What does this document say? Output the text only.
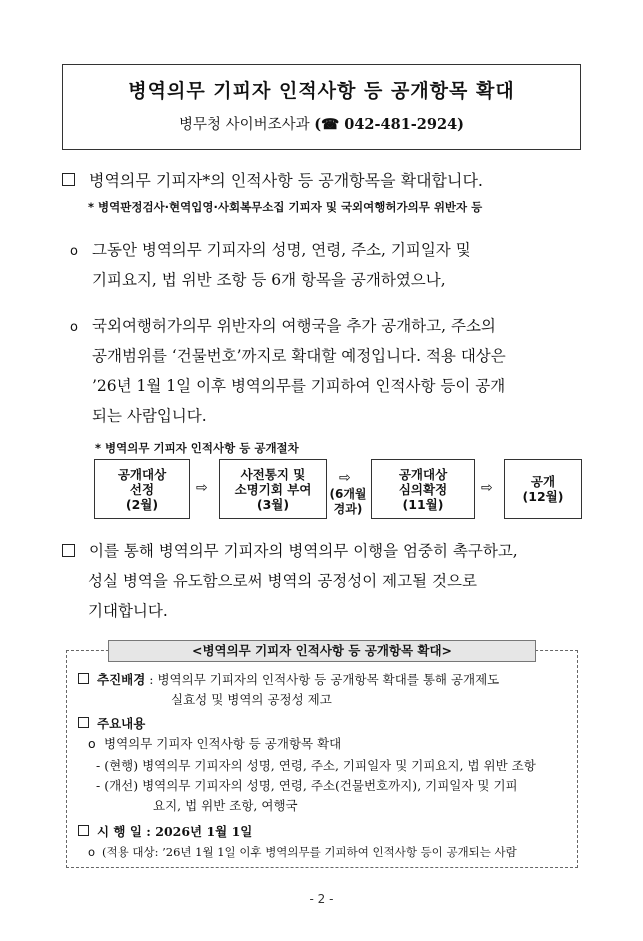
병역의무 기피자 인적사항 등 공개항목 확대
병무청 사이버조사과 (☎ 042-481-2924)
병역의무 기피자*의 인적사항 등 공개항목을 확대합니다.
* 병역판정검사·현역입영·사회복무소집 기피자 및 국외여행허가의무 위반자 등
o 그동안 병역의무 기피자의 성명, 연령, 주소, 기피일자 및
기피요지, 법 위반 조항 등 6개 항목을 공개하였으나,
o 국외여행허가의무 위반자의 여행국을 추가 공개하고, 주소의
공개범위를 ‘건물번호’까지로 확대할 예정입니다. 적용 대상은
’26년 1월 1일 이후 병역의무를 기피하여 인적사항 등이 공개
되는 사람입니다.
* 병역의무 기피자 인적사항 등 공개절차
공개대상
선정
(2월)
⇨
사전통지 및
소명기회 부여
(3월)
⇨
(6개월
경과)
공개대상
심의확정
(11월)
⇨	공개
(12월)
이를 통해 병역의무 기피자의 병역의무 이행을 엄중히 촉구하고,
성실 병역을 유도함으로써 병역의 공정성이 제고될 것으로
기대합니다.
<병역의무 기피자 인적사항 등 공개항목 확대>
추진배경 : 병역의무 기피자의 인적사항 등 공개항목 확대를 통해 공개제도
실효성 및 병역의 공정성 제고
주요내용
o 병역의무 기피자 인적사항 등 공개항목 확대
- (현행) 병역의무 기피자의 성명, 연령, 주소, 기피일자 및 기피요지, 법 위반 조항
- (개선) 병역의무 기피자의 성명, 연령, 주소(건물번호까지), 기피일자 및 기피
요지, 법 위반 조항, 여행국
시 행 일 : 2026년 1월 1일
o (적용 대상: ’26년 1월 1일 이후 병역의무를 기피하여 인적사항 등이 공개되는 사람
- 2 -
